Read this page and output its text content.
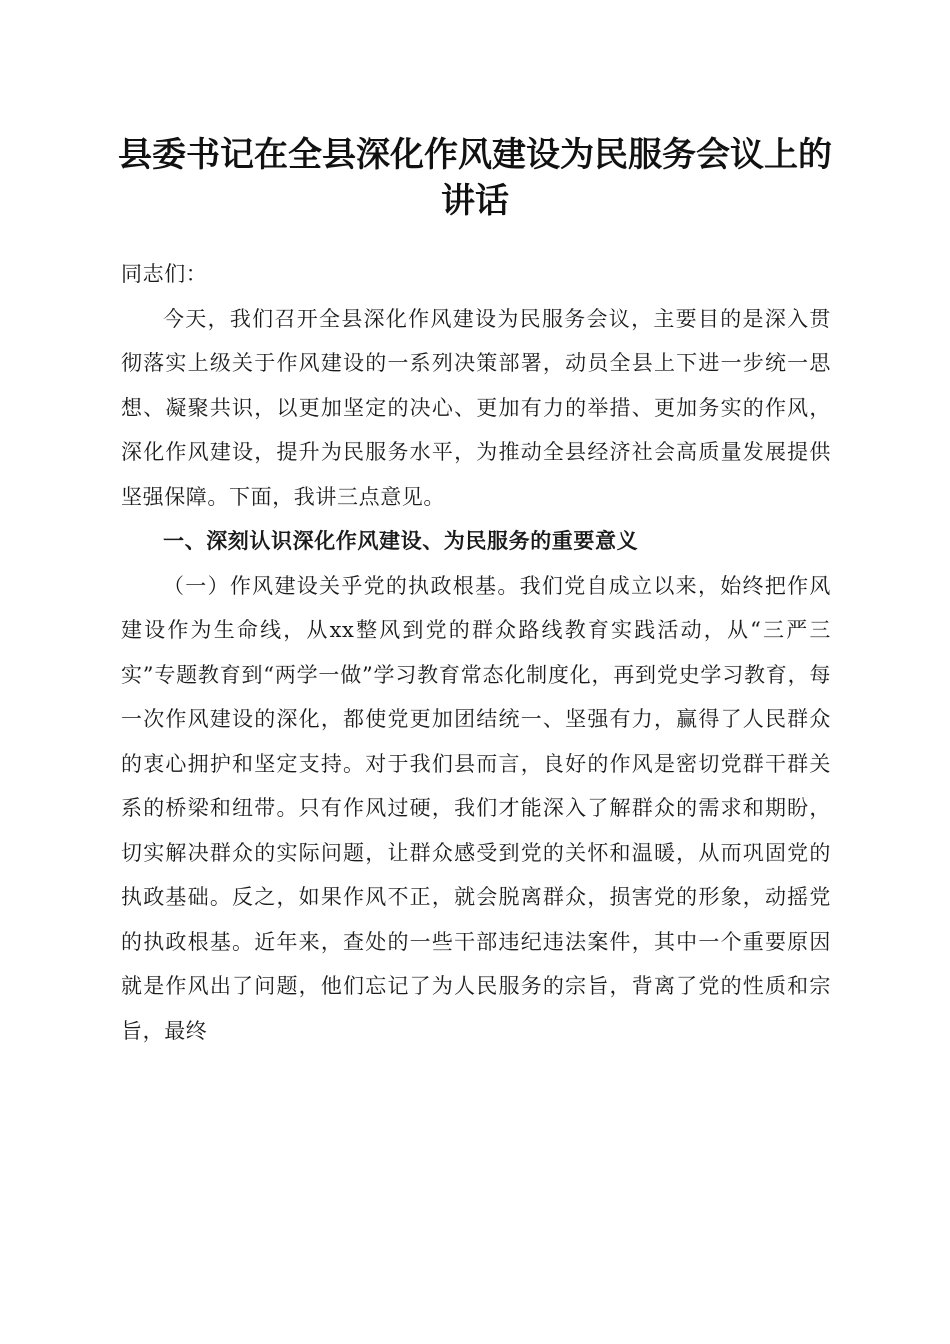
县委书记在全县深化作风建设为民服务会议上的讲话

同志们：

今天，我们召开全县深化作风建设为民服务会议，主要目的是深入贯彻落实上级关于作风建设的一系列决策部署，动员全县上下进一步统一思想、凝聚共识，以更加坚定的决心、更加有力的举措、更加务实的作风，深化作风建设，提升为民服务水平，为推动全县经济社会高质量发展提供坚强保障。下面，我讲三点意见。

一、深刻认识深化作风建设、为民服务的重要意义

（一）作风建设关乎党的执政根基。我们党自成立以来，始终把作风建设作为生命线，从xx整风到党的群众路线教育实践活动，从“三严三实”专题教育到“两学一做”学习教育常态化制度化，再到党史学习教育，每一次作风建设的深化，都使党更加团结统一、坚强有力，赢得了人民群众的衷心拥护和坚定支持。对于我们县而言，良好的作风是密切党群干群关系的桥梁和纽带。只有作风过硬，我们才能深入了解群众的需求和期盼，切实解决群众的实际问题，让群众感受到党的关怀和温暖，从而巩固党的执政基础。反之，如果作风不正，就会脱离群众，损害党的形象，动摇党的执政根基。近年来，查处的一些干部违纪违法案件，其中一个重要原因就是作风出了问题，他们忘记了为人民服务的宗旨，背离了党的性质和宗旨，最终
